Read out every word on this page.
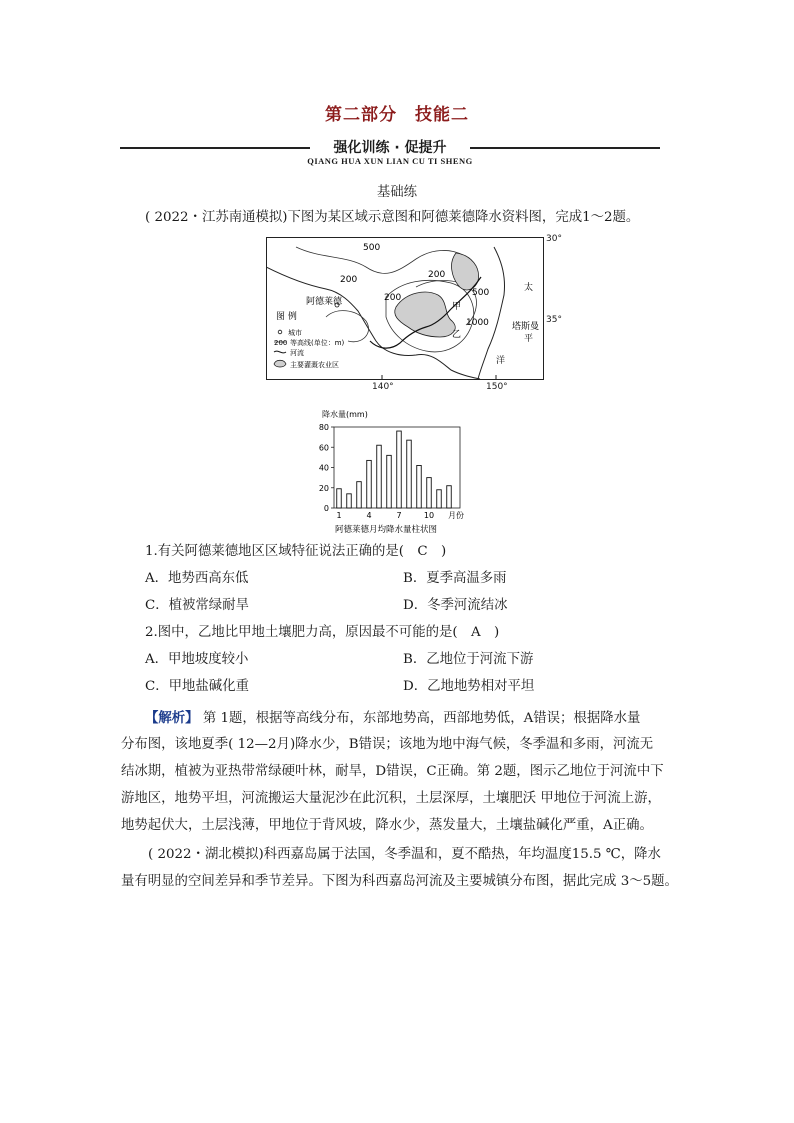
第二部分　技能二
强化训练 · 促提升
QIANG HUA XUN LIAN CU TI SHENG
基础练
( 2022・江苏南通模拟)下图为某区域示意图和阿德莱德降水资料图，完成1～2题。
500
200
200
200
500
1000
阿德莱德	甲
乙
太
塔斯曼
平
洋
图 例
城市
200 等高线(单位：m)
河流
主要灌溉农业区
30°
35°
140°	150°
降水量(mm)
0
20
40
60
80
1	4	7	10 月份
阿德莱德月均降水量柱状图
1.有关阿德莱德地区区域特征说法正确的是(　C　)
A．地势西高东低	B．夏季高温多雨
C．植被常绿耐旱	D．冬季河流结冰
2.图中，乙地比甲地土壤肥力高，原因最不可能的是(　A　)
A．甲地坡度较小	B．乙地位于河流下游
C．甲地盐碱化重	D．乙地地势相对平坦
【解析】 第 1题，根据等高线分布，东部地势高，西部地势低，A错误；根据降水量
分布图，该地夏季( 12—2月)降水少，B错误；该地为地中海气候，冬季温和多雨，河流无
结冰期，植被为亚热带常绿硬叶林，耐旱，D错误，C正确。第 2题，图示乙地位于河流中下
游地区，地势平坦，河流搬运大量泥沙在此沉积，土层深厚，土壤肥沃 甲地位于河流上游，
地势起伏大，土层浅薄，甲地位于背风坡，降水少，蒸发量大，土壤盐碱化严重，A正确。
( 2022・湖北模拟)科西嘉岛属于法国，冬季温和，夏不酷热，年均温度15.5 ℃，降水
量有明显的空间差异和季节差异。下图为科西嘉岛河流及主要城镇分布图，据此完成 3～5题。
